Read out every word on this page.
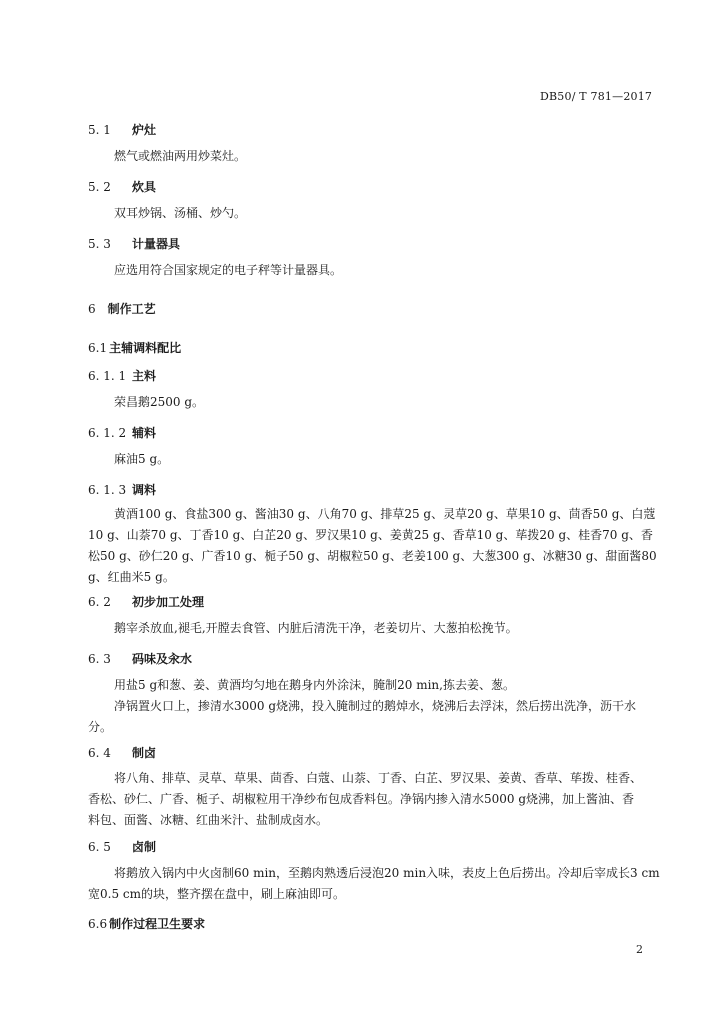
DB50/ T 781—2017
5. 1 炉灶
燃气或燃油两用炒菜灶。
5. 2 炊具
双耳炒锅、汤桶、炒勺。
5. 3 计量器具
应选用符合国家规定的电子秤等计量器具。
6 制作工艺
6.1 主辅调料配比
6. 1. 1 主料
荣昌鹅2500 g。
6. 1. 2 辅料
麻油5 g。
6. 1. 3 调料
黄酒100 g、食盐300 g、酱油30 g、八角70 g、排草25 g、灵草20 g、草果10 g、茴香50 g、白蔻
10 g、山萘70 g、丁香10 g、白芷20 g、罗汉果10 g、姜黄25 g、香草10 g、荜拨20 g、桂香70 g、香
松50 g、砂仁20 g、广香10 g、栀子50 g、胡椒粒50 g、老姜100 g、大葱300 g、冰糖30 g、甜面酱80
g、红曲米5 g。
6. 2 初步加工处理
鹅宰杀放血,褪毛,开膛去食管、内脏后清洗干净，老姜切片、大葱拍松挽节。
6. 3 码味及汆水
用盐5 g和葱、姜、黄酒均匀地在鹅身内外涂沫，腌制20 min,拣去姜、葱。
净锅置火口上，掺清水3000 g烧沸，投入腌制过的鹅焯水，烧沸后去浮沫，然后捞出洗净，沥干水
分。
6. 4 制卤
将八角、排草、灵草、草果、茴香、白蔻、山萘、丁香、白芷、罗汉果、姜黄、香草、荜拨、桂香、
香松、砂仁、广香、栀子、胡椒粒用干净纱布包成香料包。净锅内掺入清水5000 g烧沸，加上酱油、香
料包、面酱、冰糖、红曲米汁、盐制成卤水。
6. 5 卤制
将鹅放入锅内中火卤制60 min，至鹅肉熟透后浸泡20 min入味，表皮上色后捞出。冷却后宰成长3 cm
宽0.5 cm的块，整齐摆在盘中，刷上麻油即可。
6.6 制作过程卫生要求
2
